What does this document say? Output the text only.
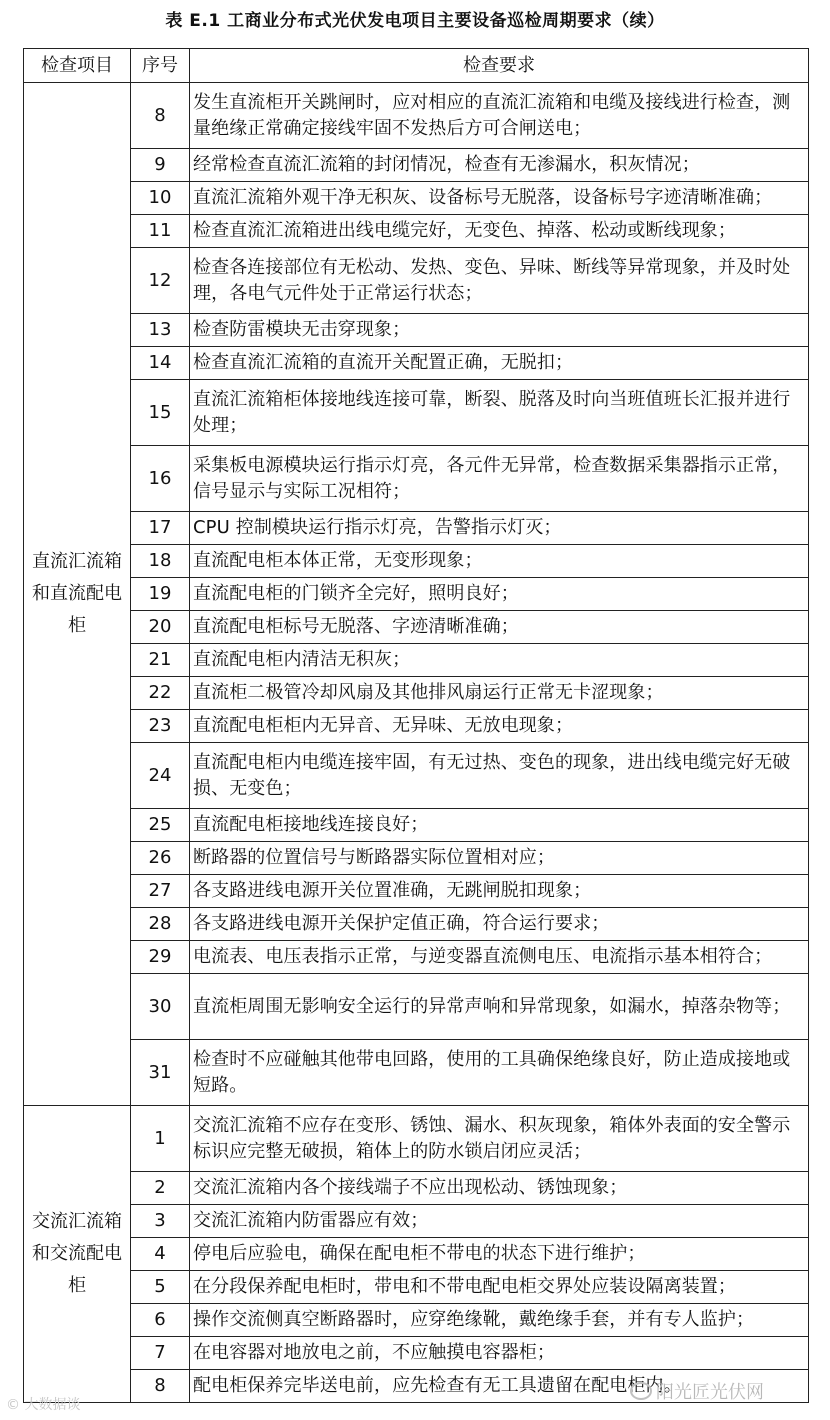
表 E.1 工商业分布式光伏发电项目主要设备巡检周期要求（续）
检查项目	序号	检查要求
直流汇流箱和直流配电柜	8	发生直流柜开关跳闸时，应对相应的直流汇流箱和电缆及接线进行检查，测量绝缘正常确定接线牢固不发热后方可合闸送电；
	9	经常检查直流汇流箱的封闭情况，检查有无渗漏水，积灰情况；
	10	直流汇流箱外观干净无积灰、设备标号无脱落，设备标号字迹清晰准确；
	11	检查直流汇流箱进出线电缆完好，无变色、掉落、松动或断线现象；
	12	检查各连接部位有无松动、发热、变色、异味、断线等异常现象，并及时处理，各电气元件处于正常运行状态；
	13	检查防雷模块无击穿现象；
	14	检查直流汇流箱的直流开关配置正确，无脱扣；
	15	直流汇流箱柜体接地线连接可靠，断裂、脱落及时向当班值班长汇报并进行处理；
	16	采集板电源模块运行指示灯亮，各元件无异常，检查数据采集器指示正常，信号显示与实际工况相符；
	17	CPU 控制模块运行指示灯亮，告警指示灯灭；
	18	直流配电柜本体正常，无变形现象；
	19	直流配电柜的门锁齐全完好，照明良好；
	20	直流配电柜标号无脱落、字迹清晰准确；
	21	直流配电柜内清洁无积灰；
	22	直流柜二极管冷却风扇及其他排风扇运行正常无卡涩现象；
	23	直流配电柜柜内无异音、无异味、无放电现象；
	24	直流配电柜内电缆连接牢固，有无过热、变色的现象，进出线电缆完好无破损、无变色；
	25	直流配电柜接地线连接良好；
	26	断路器的位置信号与断路器实际位置相对应；
	27	各支路进线电源开关位置准确，无跳闸脱扣现象；
	28	各支路进线电源开关保护定值正确，符合运行要求；
	29	电流表、电压表指示正常，与逆变器直流侧电压、电流指示基本相符合；
	30	直流柜周围无影响安全运行的异常声响和异常现象，如漏水，掉落杂物等；
	31	检查时不应碰触其他带电回路，使用的工具确保绝缘良好，防止造成接地或短路。
交流汇流箱和交流配电柜	1	交流汇流箱不应存在变形、锈蚀、漏水、积灰现象，箱体外表面的安全警示标识应完整无破损，箱体上的防水锁启闭应灵活；
	2	交流汇流箱内各个接线端子不应出现松动、锈蚀现象；
	3	交流汇流箱内防雷器应有效；
	4	停电后应验电，确保在配电柜不带电的状态下进行维护；
	5	在分段保养配电柜时，带电和不带电配电柜交界处应装设隔离装置；
	6	操作交流侧真空断路器时，应穿绝缘靴，戴绝缘手套，并有专人监护；
	7	在电容器对地放电之前，不应触摸电容器柜；
	8	配电柜保养完毕送电前，应先检查有无工具遗留在配电柜内。
© 大数据谈
阳光匠光伏网
